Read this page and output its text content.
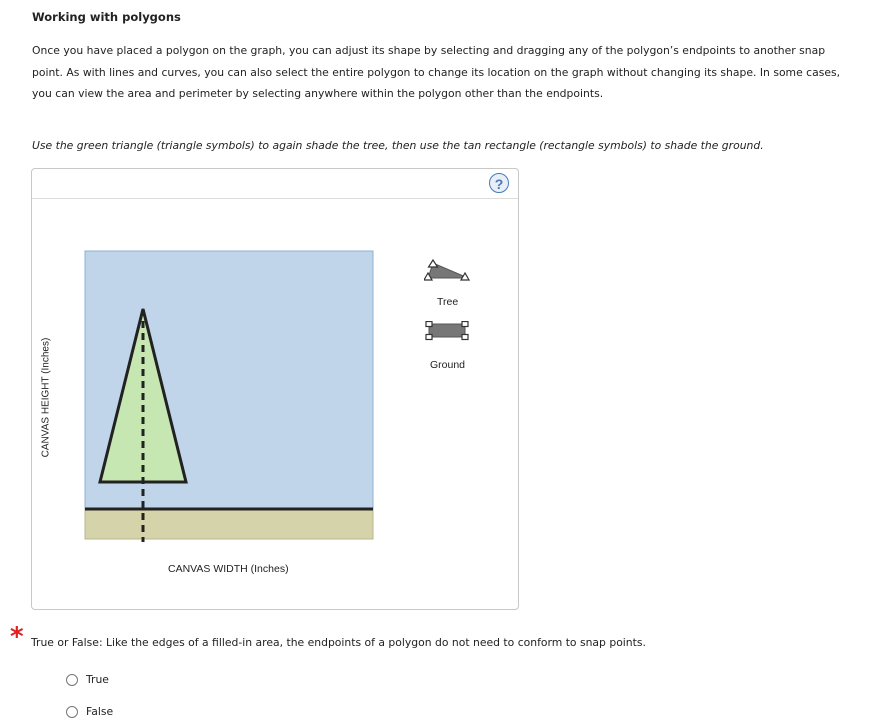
Working with polygons
Once you have placed a polygon on the graph, you can adjust its shape by selecting and dragging any of the polygon’s endpoints to another snap
point. As with lines and curves, you can also select the entire polygon to change its location on the graph without changing its shape. In some cases,
you can view the area and perimeter by selecting anywhere within the polygon other than the endpoints.
Use the green triangle (triangle symbols) to again shade the tree, then use the tan rectangle (rectangle symbols) to shade the ground.
?
CANVAS HEIGHT (Inches)
CANVAS WIDTH (Inches)
Tree
Ground
* True or False: Like the edges of a filled-in area, the endpoints of a polygon do not need to conform to snap points.
True
False
